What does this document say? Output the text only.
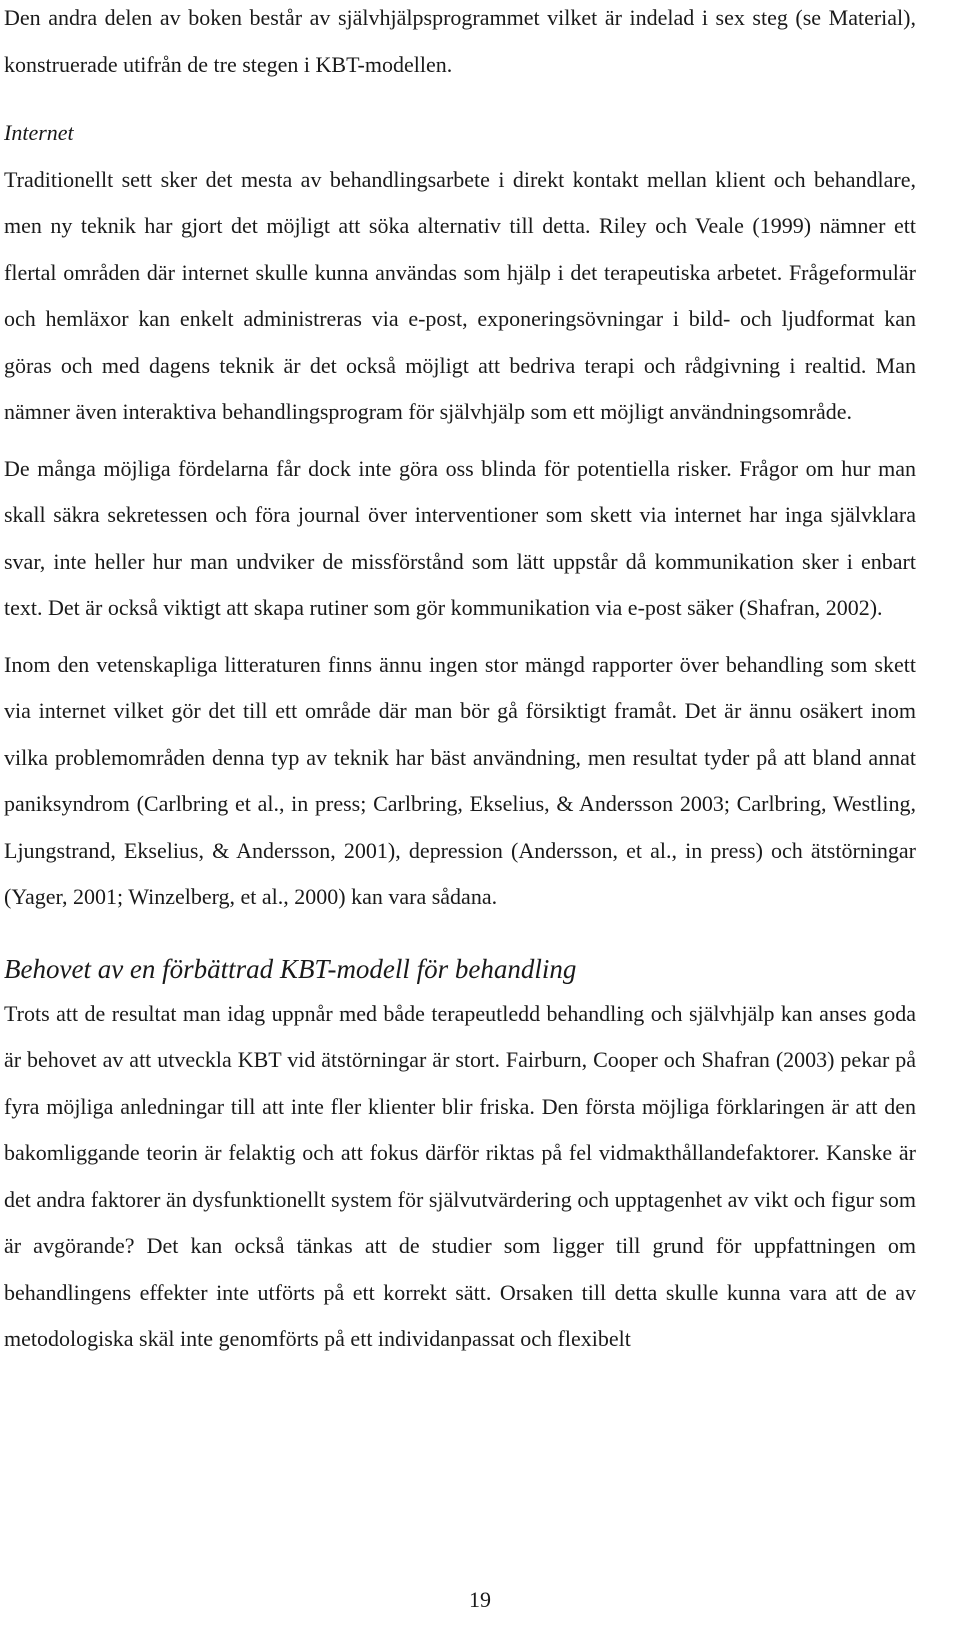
Den andra delen av boken består av självhjälpsprogrammet vilket är indelad i sex steg (se Material), konstruerade utifrån de tre stegen i KBT-modellen.

Internet

Traditionellt sett sker det mesta av behandlingsarbete i direkt kontakt mellan klient och behandlare, men ny teknik har gjort det möjligt att söka alternativ till detta. Riley och Veale (1999) nämner ett flertal områden där internet skulle kunna användas som hjälp i det terapeutiska arbetet. Frågeformulär och hemläxor kan enkelt administreras via e-post, exponeringsövningar i bild- och ljudformat kan göras och med dagens teknik är det också möjligt att bedriva terapi och rådgivning i realtid. Man nämner även interaktiva behandlingsprogram för självhjälp som ett möjligt användningsområde.

De många möjliga fördelarna får dock inte göra oss blinda för potentiella risker. Frågor om hur man skall säkra sekretessen och föra journal över interventioner som skett via internet har inga självklara svar, inte heller hur man undviker de missförstånd som lätt uppstår då kommunikation sker i enbart text. Det är också viktigt att skapa rutiner som gör kommunikation via e-post säker (Shafran, 2002).

Inom den vetenskapliga litteraturen finns ännu ingen stor mängd rapporter över behandling som skett via internet vilket gör det till ett område där man bör gå försiktigt framåt. Det är ännu osäkert inom vilka problemområden denna typ av teknik har bäst användning, men resultat tyder på att bland annat paniksyndrom (Carlbring et al., in press; Carlbring, Ekselius, & Andersson 2003; Carlbring, Westling, Ljungstrand, Ekselius, & Andersson, 2001), depression (Andersson, et al., in press) och ätstörningar (Yager, 2001; Winzelberg, et al., 2000) kan vara sådana.

Behovet av en förbättrad KBT-modell för behandling

Trots att de resultat man idag uppnår med både terapeutledd behandling och självhjälp kan anses goda är behovet av att utveckla KBT vid ätstörningar är stort. Fairburn, Cooper och Shafran (2003) pekar på fyra möjliga anledningar till att inte fler klienter blir friska. Den första möjliga förklaringen är att den bakomliggande teorin är felaktig och att fokus därför riktas på fel vidmakthållandefaktorer. Kanske är det andra faktorer än dysfunktionellt system för självutvärdering och upptagenhet av vikt och figur som är avgörande? Det kan också tänkas att de studier som ligger till grund för uppfattningen om behandlingens effekter inte utförts på ett korrekt sätt. Orsaken till detta skulle kunna vara att de av metodologiska skäl inte genomförts på ett individanpassat och flexibelt

19
